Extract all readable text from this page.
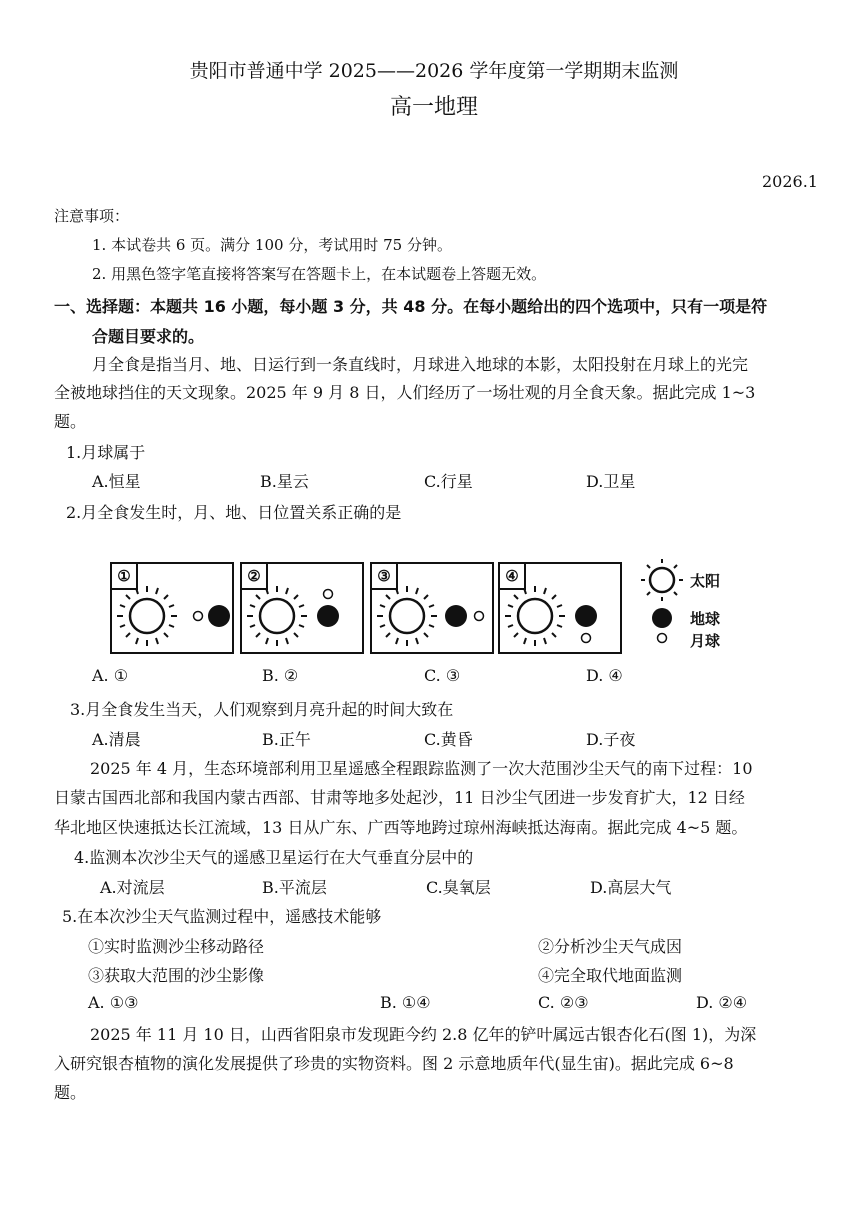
贵阳市普通中学 2025——2026 学年度第一学期期末监测
高一地理
2026.1
注意事项：
1. 本试卷共 6 页。满分 100 分，考试用时 75 分钟。
2. 用黑色签字笔直接将答案写在答题卡上，在本试题卷上答题无效。
一、选择题：本题共 16 小题，每小题 3 分，共 48 分。在每小题给出的四个选项中，只有一项是符
合题目要求的。
月全食是指当月、地、日运行到一条直线时，月球进入地球的本影，太阳投射在月球上的光完
全被地球挡住的天文现象。2025 年 9 月 8 日，人们经历了一场壮观的月全食天象。据此完成 1~3
题。
1.月球属于
A.恒星	B.星云	C.行星	D.卫星
2.月全食发生时，月、地、日位置关系正确的是
①	②	③	④	太阳
地球
月球
A. ①	B. ②	C. ③	D. ④
3.月全食发生当天，人们观察到月亮升起的时间大致在
A.清晨	B.正午	C.黄昏	D.子夜
2025 年 4 月，生态环境部利用卫星遥感全程跟踪监测了一次大范围沙尘天气的南下过程：10
日蒙古国西北部和我国内蒙古西部、甘肃等地多处起沙，11 日沙尘气团进一步发育扩大，12 日经
华北地区快速抵达长江流域，13 日从广东、广西等地跨过琼州海峡抵达海南。据此完成 4~5 题。
4.监测本次沙尘天气的遥感卫星运行在大气垂直分层中的
A.对流层	B.平流层	C.臭氧层	D.高层大气
5.在本次沙尘天气监测过程中，遥感技术能够
①实时监测沙尘移动路径	②分析沙尘天气成因
③获取大范围的沙尘影像	④完全取代地面监测
A. ①③	B. ①④	C. ②③	D. ②④
2025 年 11 月 10 日，山西省阳泉市发现距今约 2.8 亿年的铲叶属远古银杏化石(图 1)，为深
入研究银杏植物的演化发展提供了珍贵的实物资料。图 2 示意地质年代(显生宙)。据此完成 6~8
题。
